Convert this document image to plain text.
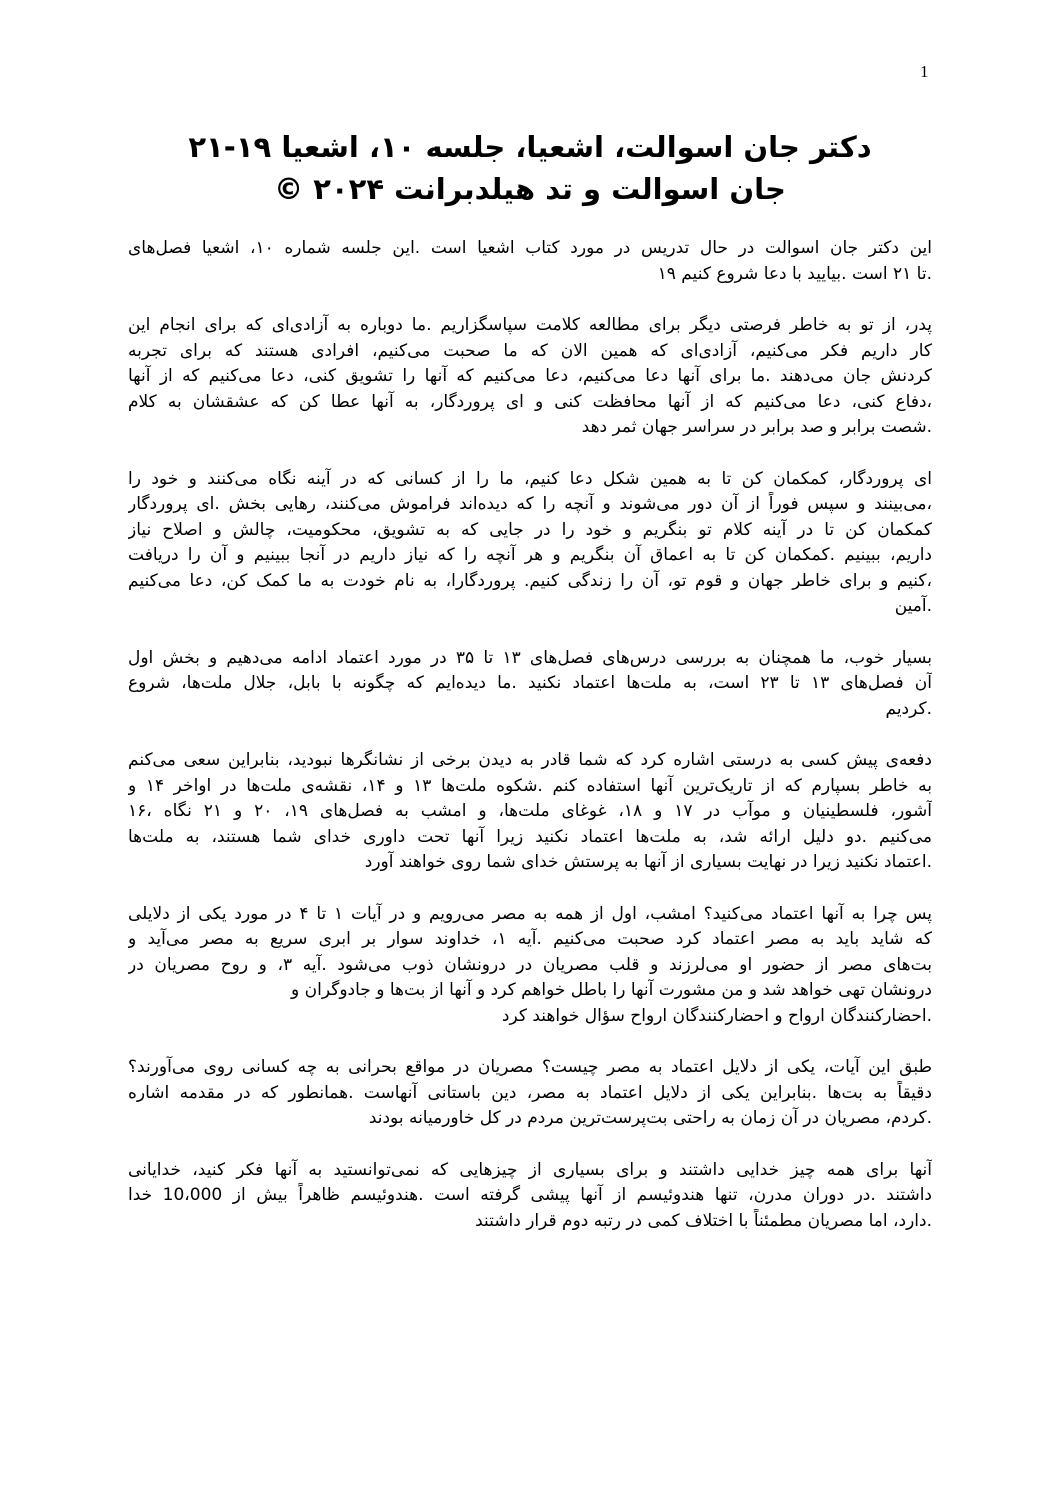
1
دکتر جان اسوالت، اشعیا، جلسه ۱۰، اشعیا ۱۹-۲۱
جان اسوالت و تد هیلدبرانت ۲۰۲۴ ©

این دکتر جان اسوالت در حال تدریس در مورد کتاب اشعیا است .این جلسه شماره ۱۰، اشعیا فصل‌های
.تا ۲۱ است .بیایید با دعا شروع کنیم ۱۹

پدر، از تو به خاطر فرصتی دیگر برای مطالعه کلامت سپاسگزاریم .ما دوباره به آزادی‌ای که برای انجام این
کار داریم فکر می‌کنیم، آزادی‌ای که همین الان که ما صحبت می‌کنیم، افرادی هستند که برای تجربه
کردنش جان می‌دهند .ما برای آنها دعا می‌کنیم، دعا می‌کنیم که آنها را تشویق کنی، دعا می‌کنیم که از آنها
،دفاع کنی، دعا می‌کنیم که از آنها محافظت کنی و ای پروردگار، به آنها عطا کن که عشقشان به کلام
.شصت برابر و صد برابر در سراسر جهان ثمر دهد

ای پروردگار، کمکمان کن تا به همین شکل دعا کنیم، ما را از کسانی که در آینه نگاه می‌کنند و خود را
،می‌بینند و سپس فوراً از آن دور می‌شوند و آنچه را که دیده‌اند فراموش می‌کنند، رهایی بخش .ای پروردگار
کمکمان کن تا در آینه کلام تو بنگریم و خود را در جایی که به تشویق، محکومیت، چالش و اصلاح نیاز
داریم، ببینیم .کمکمان کن تا به اعماق آن بنگریم و هر آنچه را که نیاز داریم در آنجا ببینیم و آن را دریافت
،کنیم و برای خاطر جهان و قوم تو، آن را زندگی کنیم. پروردگارا، به نام خودت به ما کمک کن، دعا می‌کنیم
.آمین

بسیار خوب، ما همچنان به بررسی درس‌های فصل‌های ۱۳ تا ۳۵ در مورد اعتماد ادامه می‌دهیم و بخش اول
آن فصل‌های ۱۳ تا ۲۳ است، به ملت‌ها اعتماد نکنید .ما دیده‌ایم که چگونه با بابل، جلال ملت‌ها، شروع
.کردیم

دفعه‌ی پیش کسی به درستی اشاره کرد که شما قادر به دیدن برخی از نشانگرها نبودید، بنابراین سعی می‌کنم
به خاطر بسپارم که از تاریک‌ترین آنها استفاده کنم .شکوه ملت‌ها ۱۳ و ۱۴، نقشه‌ی ملت‌ها در اواخر ۱۴ و
آشور، فلسطینیان و موآب در ۱۷ و ۱۸، غوغای ملت‌ها، و امشب به فصل‌های ۱۹، ۲۰ و ۲۱ نگاه ،۱۶
می‌کنیم .دو دلیل ارائه شد، به ملت‌ها اعتماد نکنید زیرا آنها تحت داوری خدای شما هستند، به ملت‌ها
.اعتماد نکنید زیرا در نهایت بسیاری از آنها به پرستش خدای شما روی خواهند آورد

پس چرا به آنها اعتماد می‌کنید؟ امشب، اول از همه به مصر می‌رویم و در آیات ۱ تا ۴ در مورد یکی از دلایلی
که شاید باید به مصر اعتماد کرد صحبت می‌کنیم .آیه ۱، خداوند سوار بر ابری سریع به مصر می‌آید و
بت‌های مصر از حضور او می‌لرزند و قلب مصریان در درونشان ذوب می‌شود .آیه ۳، و روح مصریان در
درونشان تهی خواهد شد و من مشورت آنها را باطل خواهم کرد و آنها از بت‌ها و جادوگران و
.احضارکنندگان ارواح و احضارکنندگان ارواح سؤال خواهند کرد

طبق این آیات، یکی از دلایل اعتماد به مصر چیست؟ مصریان در مواقع بحرانی به چه کسانی روی می‌آورند؟
دقیقاً به بت‌ها .بنابراین یکی از دلایل اعتماد به مصر، دین باستانی آنهاست .همانطور که در مقدمه اشاره
.کردم، مصریان در آن زمان به راحتی بت‌پرست‌ترین مردم در کل خاورمیانه بودند

آنها برای همه چیز خدایی داشتند و برای بسیاری از چیزهایی که نمی‌توانستید به آنها فکر کنید، خدایانی
داشتند .در دوران مدرن، تنها هندوئیسم از آنها پیشی گرفته است .هندوئیسم ظاهراً بیش از 10،000 خدا
.دارد، اما مصریان مطمئناً با اختلاف کمی در رتبه دوم قرار داشتند
